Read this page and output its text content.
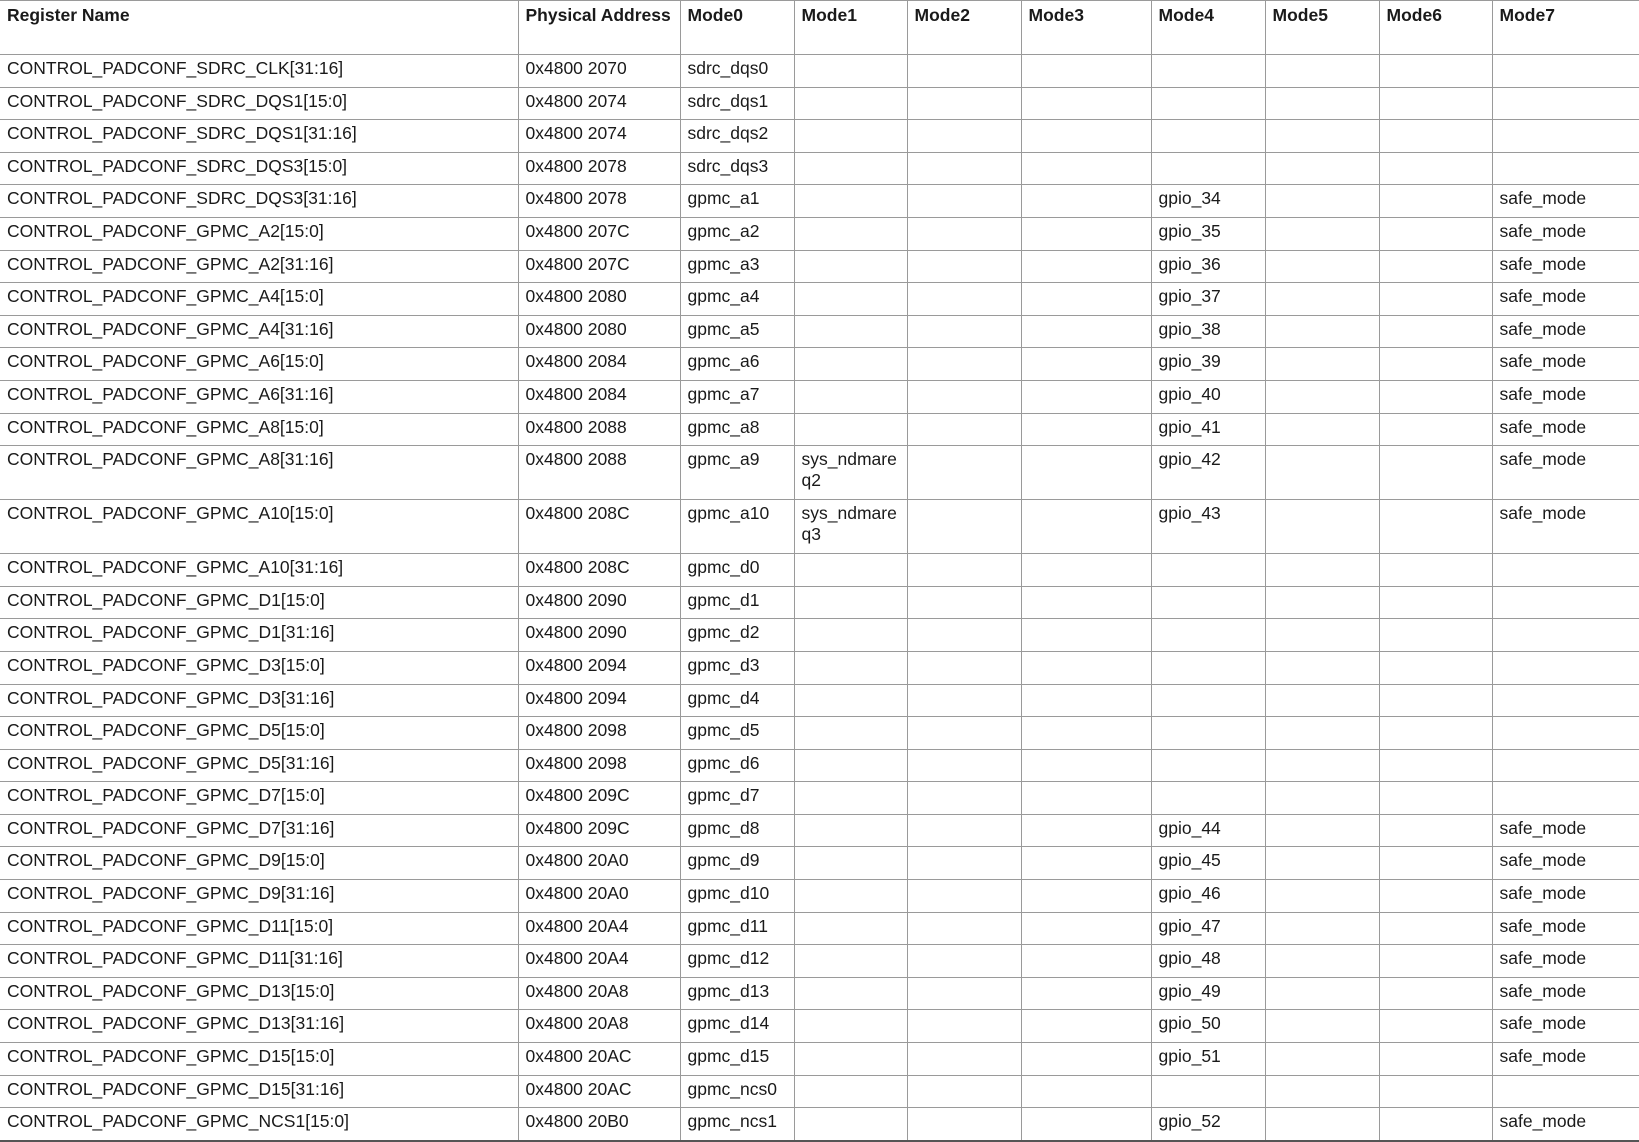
Register Name	Physical Address	Mode0	Mode1	Mode2	Mode3	Mode4	Mode5	Mode6	Mode7
CONTROL_PADCONF_SDRC_CLK[31:16]	0x4800 2070	sdrc_dqs0							
CONTROL_PADCONF_SDRC_DQS1[15:0]	0x4800 2074	sdrc_dqs1							
CONTROL_PADCONF_SDRC_DQS1[31:16]	0x4800 2074	sdrc_dqs2							
CONTROL_PADCONF_SDRC_DQS3[15:0]	0x4800 2078	sdrc_dqs3							
CONTROL_PADCONF_SDRC_DQS3[31:16]	0x4800 2078	gpmc_a1				gpio_34			safe_mode
CONTROL_PADCONF_GPMC_A2[15:0]	0x4800 207C	gpmc_a2				gpio_35			safe_mode
CONTROL_PADCONF_GPMC_A2[31:16]	0x4800 207C	gpmc_a3				gpio_36			safe_mode
CONTROL_PADCONF_GPMC_A4[15:0]	0x4800 2080	gpmc_a4				gpio_37			safe_mode
CONTROL_PADCONF_GPMC_A4[31:16]	0x4800 2080	gpmc_a5				gpio_38			safe_mode
CONTROL_PADCONF_GPMC_A6[15:0]	0x4800 2084	gpmc_a6				gpio_39			safe_mode
CONTROL_PADCONF_GPMC_A6[31:16]	0x4800 2084	gpmc_a7				gpio_40			safe_mode
CONTROL_PADCONF_GPMC_A8[15:0]	0x4800 2088	gpmc_a8				gpio_41			safe_mode
CONTROL_PADCONF_GPMC_A8[31:16]	0x4800 2088	gpmc_a9	sys_ndmareq2			gpio_42			safe_mode
CONTROL_PADCONF_GPMC_A10[15:0]	0x4800 208C	gpmc_a10	sys_ndmareq3			gpio_43			safe_mode
CONTROL_PADCONF_GPMC_A10[31:16]	0x4800 208C	gpmc_d0							
CONTROL_PADCONF_GPMC_D1[15:0]	0x4800 2090	gpmc_d1							
CONTROL_PADCONF_GPMC_D1[31:16]	0x4800 2090	gpmc_d2							
CONTROL_PADCONF_GPMC_D3[15:0]	0x4800 2094	gpmc_d3							
CONTROL_PADCONF_GPMC_D3[31:16]	0x4800 2094	gpmc_d4							
CONTROL_PADCONF_GPMC_D5[15:0]	0x4800 2098	gpmc_d5							
CONTROL_PADCONF_GPMC_D5[31:16]	0x4800 2098	gpmc_d6							
CONTROL_PADCONF_GPMC_D7[15:0]	0x4800 209C	gpmc_d7							
CONTROL_PADCONF_GPMC_D7[31:16]	0x4800 209C	gpmc_d8				gpio_44			safe_mode
CONTROL_PADCONF_GPMC_D9[15:0]	0x4800 20A0	gpmc_d9				gpio_45			safe_mode
CONTROL_PADCONF_GPMC_D9[31:16]	0x4800 20A0	gpmc_d10				gpio_46			safe_mode
CONTROL_PADCONF_GPMC_D11[15:0]	0x4800 20A4	gpmc_d11				gpio_47			safe_mode
CONTROL_PADCONF_GPMC_D11[31:16]	0x4800 20A4	gpmc_d12				gpio_48			safe_mode
CONTROL_PADCONF_GPMC_D13[15:0]	0x4800 20A8	gpmc_d13				gpio_49			safe_mode
CONTROL_PADCONF_GPMC_D13[31:16]	0x4800 20A8	gpmc_d14				gpio_50			safe_mode
CONTROL_PADCONF_GPMC_D15[15:0]	0x4800 20AC	gpmc_d15				gpio_51			safe_mode
CONTROL_PADCONF_GPMC_D15[31:16]	0x4800 20AC	gpmc_ncs0							
CONTROL_PADCONF_GPMC_NCS1[15:0]	0x4800 20B0	gpmc_ncs1				gpio_52			safe_mode
